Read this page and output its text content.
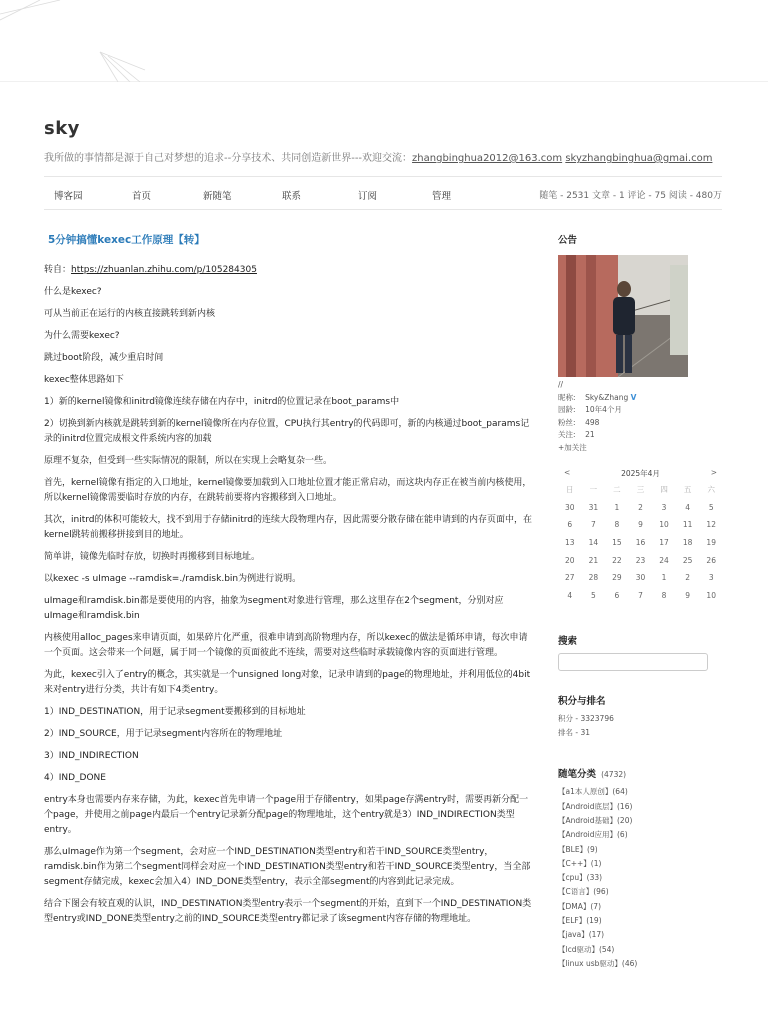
sky
我所做的事情都是源于自己对梦想的追求--分享技术、共同创造新世界---欢迎交流：zhangbinghua2012@163.com skyzhangbinghua@gmai.com
博客园	首页	新随笔	联系	订阅	管理	随笔 - 2531 文章 - 1 评论 - 75 阅读 - 480万
5分钟搞懂kexec工作原理【转】
转自：https://zhuanlan.zhihu.com/p/105284305
什么是kexec?
可从当前正在运行的内核直接跳转到新内核
为什么需要kexec?
跳过boot阶段，减少重启时间
kexec整体思路如下
1）新的kernel镜像和initrd镜像连续存储在内存中，initrd的位置记录在boot_params中
2）切换到新内核就是跳转到新的kernel镜像所在内存位置，CPU执行其entry的代码即可，新的内核通过boot_params记录的initrd位置完成根文件系统内容的加载
原理不复杂，但受到一些实际情况的限制，所以在实现上会略复杂一些。
首先，kernel镜像有指定的入口地址，kernel镜像要加载到入口地址位置才能正常启动，而这块内存正在被当前内核使用，所以kernel镜像需要临时存放的内存，在跳转前要将内容搬移到入口地址。
其次，initrd的体积可能较大，找不到用于存储initrd的连续大段物理内存，因此需要分散存储在能申请到的内存页面中，在kernel跳转前搬移拼接到目的地址。
简单讲，镜像先临时存放，切换时再搬移到目标地址。
以kexec -s uImage --ramdisk=./ramdisk.bin为例进行说明。
uImage和ramdisk.bin都是要使用的内容，抽象为segment对象进行管理，那么这里存在2个segment，分别对应uImage和ramdisk.bin
内核使用alloc_pages来申请页面，如果碎片化严重，很难申请到高阶物理内存，所以kexec的做法是循环申请，每次申请一个页面。这会带来一个问题，属于同一个镜像的页面彼此不连续，需要对这些临时承载镜像内容的页面进行管理。
为此，kexec引入了entry的概念，其实就是一个unsigned long对象，记录申请到的page的物理地址，并利用低位的4bit来对entry进行分类，共计有如下4类entry。
1）IND_DESTINATION，用于记录segment要搬移到的目标地址
2）IND_SOURCE，用于记录segment内容所在的物理地址
3）IND_INDIRECTION
4）IND_DONE
entry本身也需要内存来存储，为此，kexec首先申请一个page用于存储entry，如果page存满entry时，需要再新分配一个page，并使用之前page内最后一个entry记录新分配page的物理地址，这个entry就是3）IND_INDIRECTION类型entry。
那么uImage作为第一个segment，会对应一个IND_DESTINATION类型entry和若干IND_SOURCE类型entry，ramdisk.bin作为第二个segment同样会对应一个IND_DESTINATION类型entry和若干IND_SOURCE类型entry，当全部segment存储完成，kexec会加入4）IND_DONE类型entry，表示全部segment的内容到此记录完成。
结合下图会有较直观的认识，IND_DESTINATION类型entry表示一个segment的开始，直到下一个IND_DESTINATION类型entry或IND_DONE类型entry之前的IND_SOURCE类型entry都记录了该segment内容存储的物理地址。
公告
//
昵称: Sky&Zhang V
园龄: 10年4个月
粉丝: 498
关注: 21
+加关注
<	2025年4月	>
日	一	二	三	四	五	六
30	31	1	2	3	4	5
6	7	8	9	10	11	12
13	14	15	16	17	18	19
20	21	22	23	24	25	26
27	28	29	30	1	2	3
4	5	6	7	8	9	10
搜索
积分与排名
积分 - 3323796
排名 - 31
随笔分类 (4732)
【a1本人原创】(64)
【Android底层】(16)
【Android基础】(20)
【Android应用】(6)
【BLE】(9)
【C++】(1)
【cpu】(33)
【C语言】(96)
【DMA】(7)
【ELF】(19)
【java】(17)
【lcd驱动】(54)
【linux usb驱动】(46)
